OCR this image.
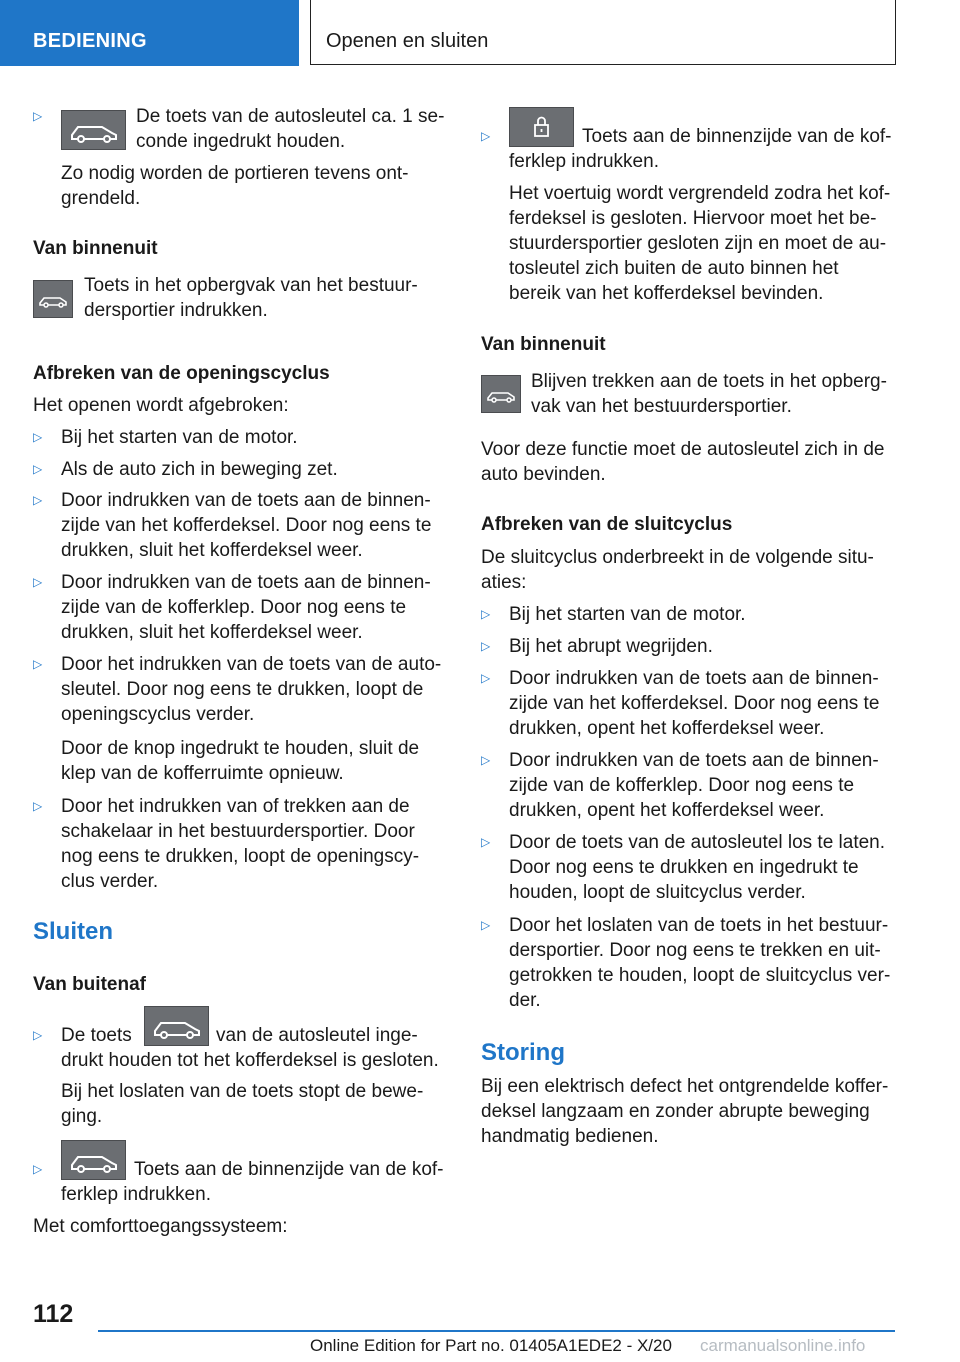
BEDIENING	Openen en sluiten
▷	De toets van de autosleutel ca. 1 se-
conde ingedrukt houden.
Zo nodig worden de portieren tevens ont-
grendeld.
Van binnenuit
Toets in het opbergvak van het bestuur-
dersportier indrukken.
Afbreken van de openingscyclus
Het openen wordt afgebroken:
▷ Bij het starten van de motor.
▷ Als de auto zich in beweging zet.
▷ Door indrukken van de toets aan de binnen-
zijde van het kofferdeksel. Door nog eens te
drukken, sluit het kofferdeksel weer.
▷ Door indrukken van de toets aan de binnen-
zijde van de kofferklep. Door nog eens te
drukken, sluit het kofferdeksel weer.
▷ Door het indrukken van de toets van de auto-
sleutel. Door nog eens te drukken, loopt de
openingscyclus verder.
▷ Door het indrukken van of trekken aan de
schakelaar in het bestuurdersportier. Door
nog eens te drukken, loopt de openingscy-
clus verder.
Door de knop ingedrukt te houden, sluit de
klep van de kofferruimte opnieuw.
Sluiten
Van buitenaf
▷ De toets	van de autosleutel inge-
drukt houden tot het kofferdeksel is gesloten.
Bij het loslaten van de toets stopt de bewe-
ging.
▷	Toets aan de binnenzijde van de kof-
ferklep indrukken.
Met comforttoegangssysteem:
▷	Toets aan de binnenzijde van de kof-
ferklep indrukken.
Het voertuig wordt vergrendeld zodra het kof-
ferdeksel is gesloten. Hiervoor moet het be-
stuurdersportier gesloten zijn en moet de au-
tosleutel zich buiten de auto binnen het
bereik van het kofferdeksel bevinden.
Van binnenuit
Blijven trekken aan de toets in het opberg-
vak van het bestuurdersportier.
Voor deze functie moet de autosleutel zich in de
auto bevinden.
Afbreken van de sluitcyclus
De sluitcyclus onderbreekt in de volgende situ-
aties:
▷ Bij het starten van de motor.
▷ Bij het abrupt wegrijden.
▷ Door indrukken van de toets aan de binnen-
zijde van het kofferdeksel. Door nog eens te
drukken, opent het kofferdeksel weer.
▷ Door indrukken van de toets aan de binnen-
zijde van de kofferklep. Door nog eens te
drukken, opent het kofferdeksel weer.
▷ Door de toets van de autosleutel los te laten.
Door nog eens te drukken en ingedrukt te
houden, loopt de sluitcyclus verder.
▷ Door het loslaten van de toets in het bestuur-
dersportier. Door nog eens te trekken en uit-
getrokken te houden, loopt de sluitcyclus ver-
der.
Storing
Bij een elektrisch defect het ontgrendelde koffer-
deksel langzaam en zonder abrupte beweging
handmatig bedienen.
112
Online Edition for Part no. 01405A1EDE2 - X/20 carmanualsonline.info
